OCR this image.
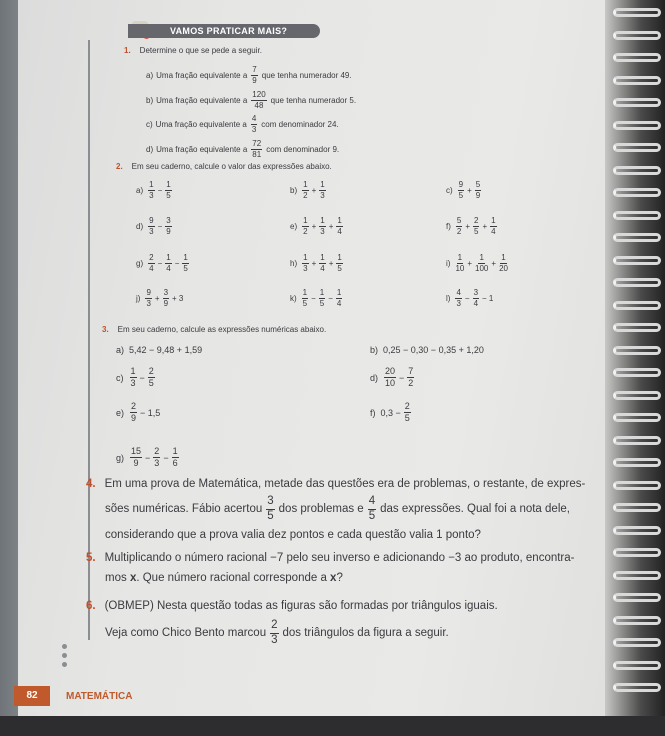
VAMOS PRATICAR MAIS?
1. Determine o que se pede a seguir.
2. Em seu caderno, calcule o valor das expressões abaixo.
3. Em seu caderno, calcule as expressões numéricas abaixo.
4. Em uma prova de Matemática, metade das questões era de problemas, o restante, de expres-
sões numéricas. Fábio acertou $\frac{3}{5}$ dos problemas e $\frac{4}{5}$ das expressões. Qual foi a nota dele,
considerando que a prova valia dez pontos e cada questão valia 1 ponto?
5. Multiplicando o número racional −7 pelo seu inverso e adicionando −3 ao produto, encontra-
mos
x . Que número racional corresponde a
x ?
6. (OBMEP) Nesta questão todas as figuras são formadas por triângulos iguais.
Veja como Chico Bento marcou $\frac{2}{3}$ dos triângulos da figura a seguir.
82	MATEMÁTICA
a) Uma fração equivalente a $\frac{7}{9}$ que tenha numerador 49.
b) Uma fração equivalente a $\frac{120}{48}$ que tenha numerador 5.
c) Uma fração equivalente a $\frac{4}{3}$ com denominador 24.
d) Uma fração equivalente a $\frac{72}{81}$ com denominador 9.
$a) \frac{1}{3} - \frac{1}{5}$	$b) \frac{1}{2} + \frac{1}{3}$	$c) \frac{9}{5} + \frac{5}{9}$
$d) \frac{9}{3} - \frac{3}{9}$	$e) \frac{1}{2} + \frac{1}{3} + \frac{1}{4}$	$f) \frac{5}{2} + \frac{2}{5} + \frac{1}{4}$
$g) \frac{2}{4} - \frac{1}{4} - \frac{1}{5}$	$h) \frac{1}{3} + \frac{1}{4} + \frac{1}{5}$	$i) \frac{1}{10} + \frac{1}{100} + \frac{1}{20}$
$j) \frac{9}{3} + \frac{3}{9} + 3$	$k) \frac{1}{5} - \frac{1}{5} - \frac{1}{4}$	$l) \frac{4}{3} - \frac{3}{4} - 1$
a) 5,42 − 9,48 + 1,59	b) 0,25 − 0,30 − 0,35 + 1,20
$c) \frac{1}{3} - \frac{2}{5}$	$d) \frac{20}{10} - \frac{7}{2}$
$e) \frac{2}{9} - 1,5$	f) $0,3 - \frac{2}{5}$
$g) \frac{15}{9} - \frac{2}{3} - \frac{1}{6}$
